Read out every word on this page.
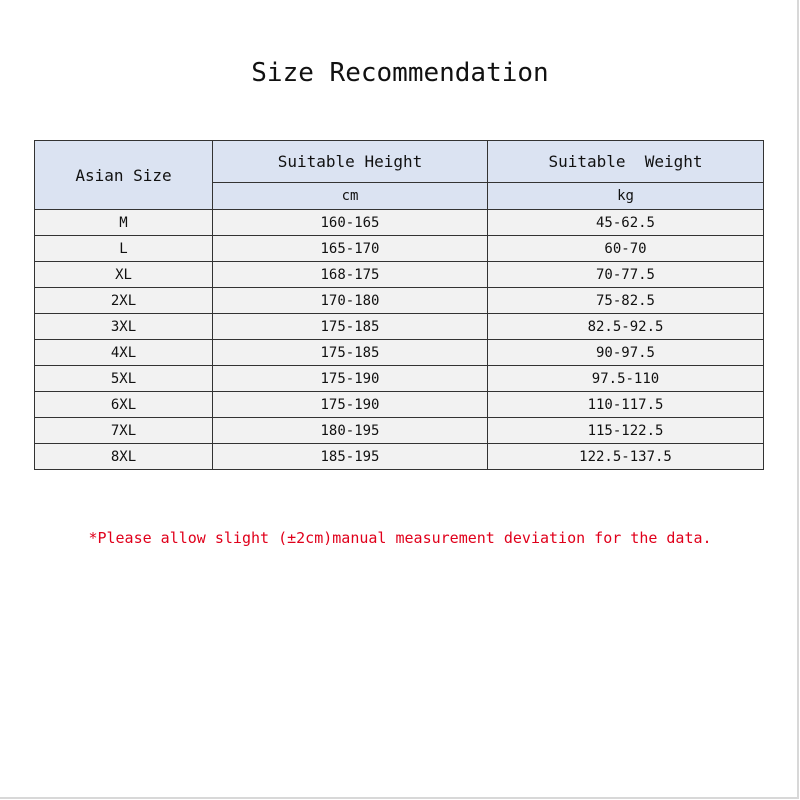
Size Recommendation
Asian Size	Suitable Height	Suitable  Weight
	cm	kg
M	160-165	45-62.5
L	165-170	60-70
XL	168-175	70-77.5
2XL	170-180	75-82.5
3XL	175-185	82.5-92.5
4XL	175-185	90-97.5
5XL	175-190	97.5-110
6XL	175-190	110-117.5
7XL	180-195	115-122.5
8XL	185-195	122.5-137.5
*Please allow slight (±2cm)manual measurement deviation for the data.
